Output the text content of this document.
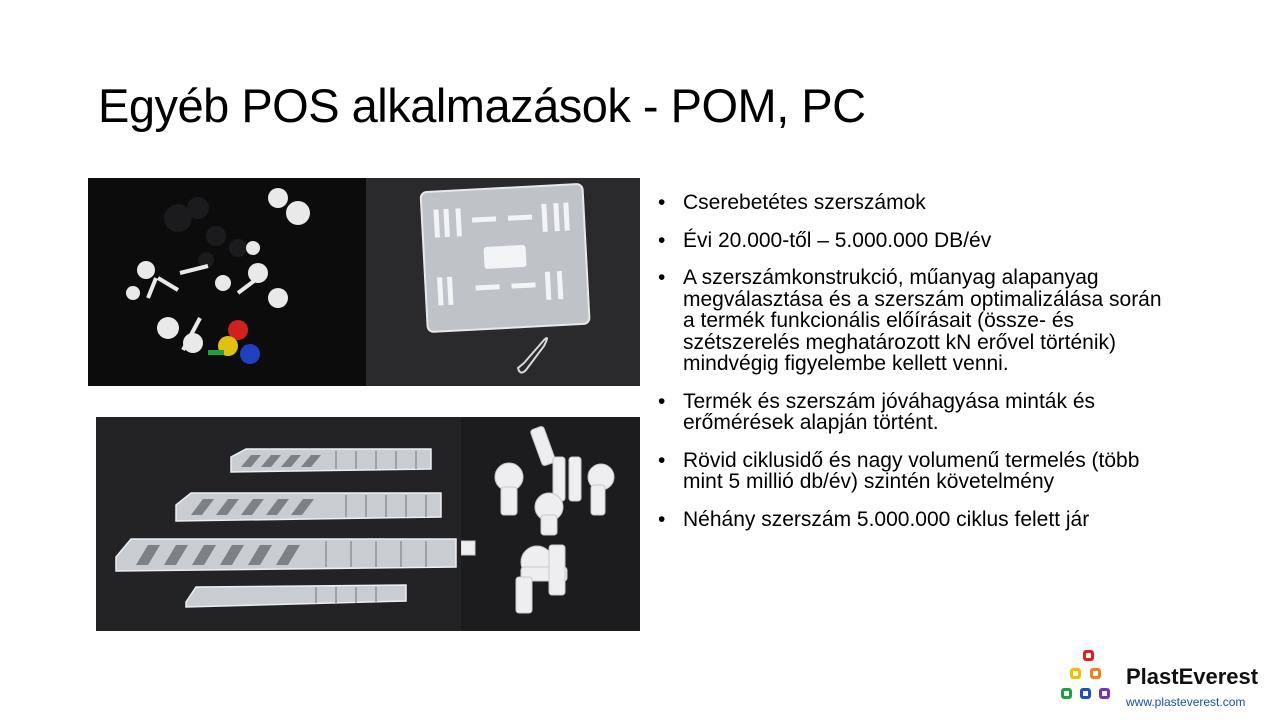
Egyéb POS alkalmazások - POM, PC
• Cserebetétes szerszámok
• Évi 20.000-től – 5.000.000 DB/év
• A szerszámkonstrukció, műanyag alapanyag megválasztása és a szerszám optimalizálása során a termék funkcionális előírásait (össze- és szétszerelés meghatározott kN erővel történik) mindvégig figyelembe kellett venni.
• Termék és szerszám jóváhagyása minták és erőmérések alapján történt.
• Rövid ciklusidő és nagy volumenű termelés (több mint 5 millió db/év) szintén követelmény
• Néhány szerszám 5.000.000 ciklus felett jár
PlastEverest
www.plasteverest.com
